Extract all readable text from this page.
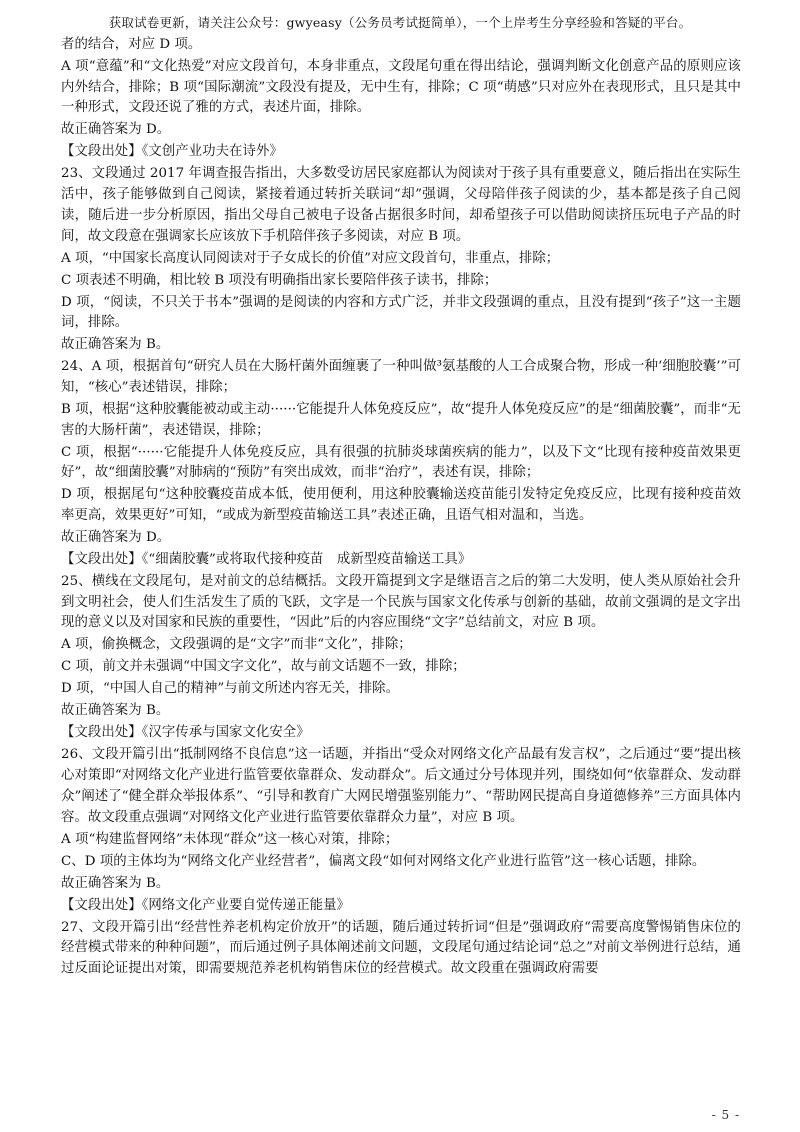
获取试卷更新，请关注公众号：gwyeasy（公务员考试挺简单），一个上岸考生分享经验和答疑的平台。

者的结合，对应 D 项。

A 项“意蕴”和“文化热爱”对应文段首句，本身非重点，文段尾句重在得出结论，强调判断文化创意产品的原则应该内外结合，排除；B 项“国际潮流”文段没有提及，无中生有，排除；C 项“萌感”只对应外在表现形式，且只是其中一种形式，文段还说了雅的方式，表述片面，排除。

故正确答案为 D。

【文段出处】《文创产业功夫在诗外》

23、文段通过 2017 年调查报告指出，大多数受访居民家庭都认为阅读对于孩子具有重要意义，随后指出在实际生活中，孩子能够做到自己阅读，紧接着通过转折关联词“却”强调，父母陪伴孩子阅读的少，基本都是孩子自己阅读，随后进一步分析原因，指出父母自己被电子设备占据很多时间，却希望孩子可以借助阅读挤压玩电子产品的时间，故文段意在强调家长应该放下手机陪伴孩子多阅读，对应 B 项。

A 项，“中国家长高度认同阅读对于子女成长的价值”对应文段首句，非重点，排除；

C 项表述不明确，相比较 B 项没有明确指出家长要陪伴孩子读书，排除；

D 项，“阅读，不只关于书本”强调的是阅读的内容和方式广泛，并非文段强调的重点，且没有提到“孩子”这一主题词，排除。

故正确答案为 B。

24、A 项，根据首句“研究人员在大肠杆菌外面缠裹了一种叫做³氨基酸的人工合成聚合物，形成一种‘细胞胶囊’”可知，“核心”表述错误，排除；

B 项，根据“这种胶囊能被动或主动······它能提升人体免疫反应”，故“提升人体免疫反应”的是“细菌胶囊”，而非“无害的大肠杆菌”，表述错误，排除；

C 项，根据“······它能提升人体免疫反应，具有很强的抗肺炎球菌疾病的能力”，以及下文“比现有接种疫苗效果更好”，故“细菌胶囊”对肺病的“预防”有突出成效，而非“治疗”，表述有误，排除；

D 项，根据尾句“这种胶囊疫苗成本低，使用便利，用这种胶囊输送疫苗能引发特定免疫反应，比现有接种疫苗效率更高，效果更好”可知，“或成为新型疫苗输送工具”表述正确，且语气相对温和，当选。

故正确答案为 D。

【文段出处】《“细菌胶囊”或将取代接种疫苗　成新型疫苗输送工具》

25、横线在文段尾句，是对前文的总结概括。文段开篇提到文字是继语言之后的第二大发明，使人类从原始社会升到文明社会，使人们生活发生了质的飞跃，文字是一个民族与国家文化传承与创新的基础，故前文强调的是文字出现的意义以及对国家和民族的重要性，“因此”后的内容应围绕“文字”总结前文，对应 B 项。

A 项，偷换概念，文段强调的是“文字”而非“文化”，排除；

C 项，前文并未强调“中国文字文化”，故与前文话题不一致，排除；

D 项，“中国人自己的精神”与前文所述内容无关，排除。

故正确答案为 B。

【文段出处】《汉字传承与国家文化安全》

26、文段开篇引出“抵制网络不良信息”这一话题，并指出“受众对网络文化产品最有发言权”，之后通过“要”提出核心对策即“对网络文化产业进行监管要依靠群众、发动群众”。后文通过分号体现并列，围绕如何“依靠群众、发动群众”阐述了“健全群众举报体系”、“引导和教育广大网民增强鉴别能力”、“帮助网民提高自身道德修养”三方面具体内容。故文段重点强调“对网络文化产业进行监管要依靠群众力量”，对应 B 项。

A 项“构建监督网络”未体现“群众”这一核心对策，排除；

C、D 项的主体均为“网络文化产业经营者”，偏离文段“如何对网络文化产业进行监管”这一核心话题，排除。

故正确答案为 B。

【文段出处】《网络文化产业要自觉传递正能量》

27、文段开篇引出“经营性养老机构定价放开”的话题，随后通过转折词“但是”强调政府“需要高度警惕销售床位的经营模式带来的种种问题”，而后通过例子具体阐述前文问题，文段尾句通过结论词“总之”对前文举例进行总结，通过反面论证提出对策，即需要规范养老机构销售床位的经营模式。故文段重在强调政府需要

- 5 -
